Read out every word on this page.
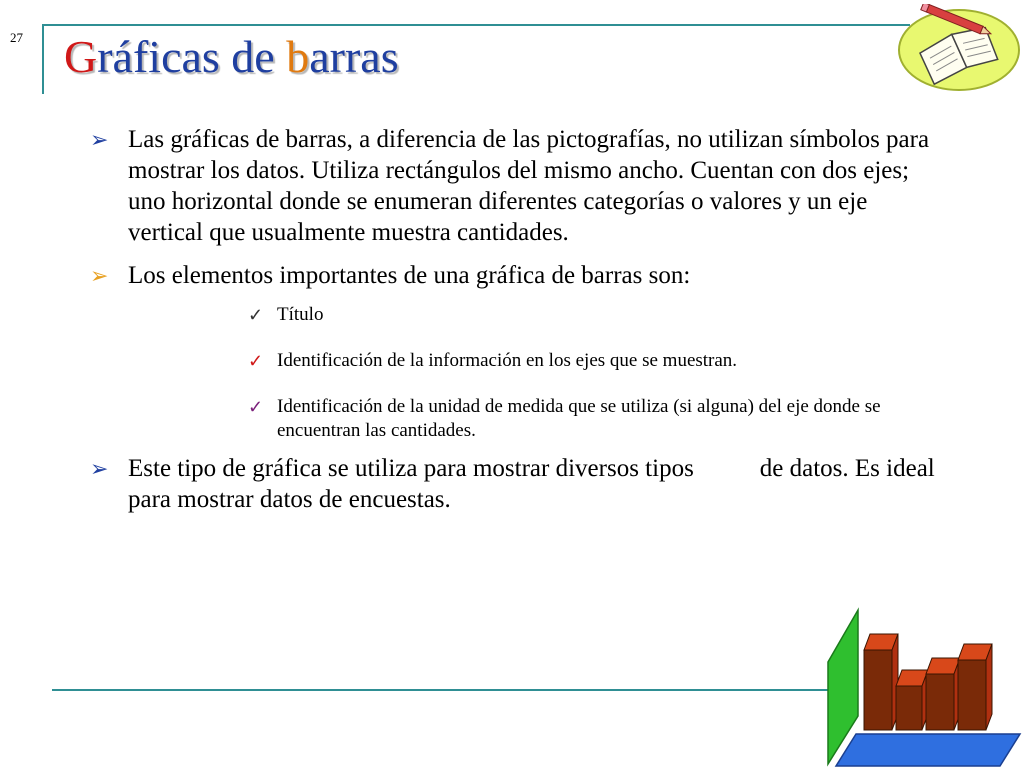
27 Gráficas de barras
➢ Las gráficas de barras, a diferencia de las pictografías, no utilizan símbolos para mostrar los datos. Utiliza rectángulos del mismo ancho. Cuentan con dos ejes; uno horizontal donde se enumeran diferentes categorías o valores y un eje vertical que usualmente muestra cantidades.
➢ Los elementos importantes de una gráfica de barras son:
✓ Título
✓ Identificación de la información en los ejes que se muestran.
✓ Identificación de la unidad de medida que se utiliza (si alguna) del eje donde se encuentran las cantidades.
➢ Este tipo de gráfica se utiliza para mostrar diversos tipos	de datos. Es ideal para mostrar datos de encuestas.
